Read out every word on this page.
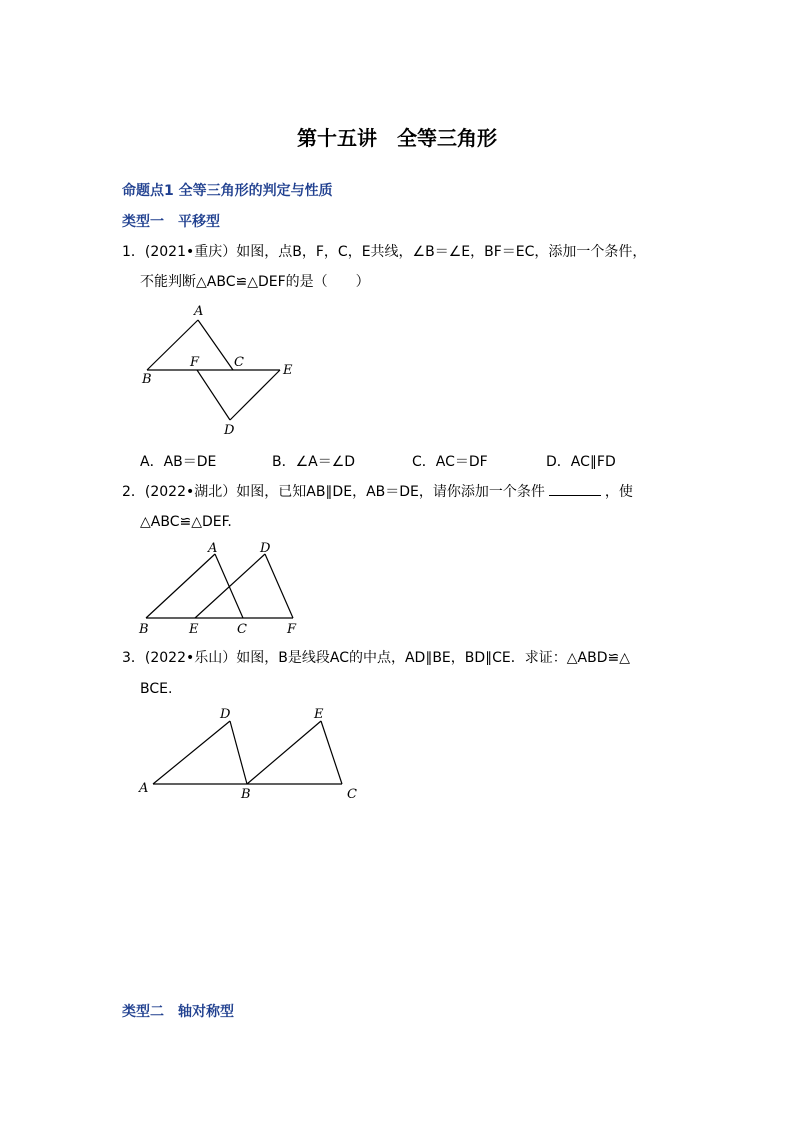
第十五讲　全等三角形
命题点1 全等三角形的判定与性质
类型一　平移型
1．(2021•重庆）如图，点B，F，C，E共线，∠B＝∠E，BF＝EC，添加一个条件，
不能判断△ABC≌△DEF的是（　　）
A
B
F	C
E
D
A．AB＝DE	B．∠A＝∠D	C．AC＝DF	D．AC∥FD
2．(2022•湖北）如图，已知AB∥DE，AB＝DE，请你添加一个条件	，使
△ABC≌△DEF.
A	D
B	E	C	F
3．(2022•乐山）如图，B是线段AC的中点，AD∥BE，BD∥CE．求证：△ABD≌△
BCE.
D	E
A	B	C
类型二　轴对称型
